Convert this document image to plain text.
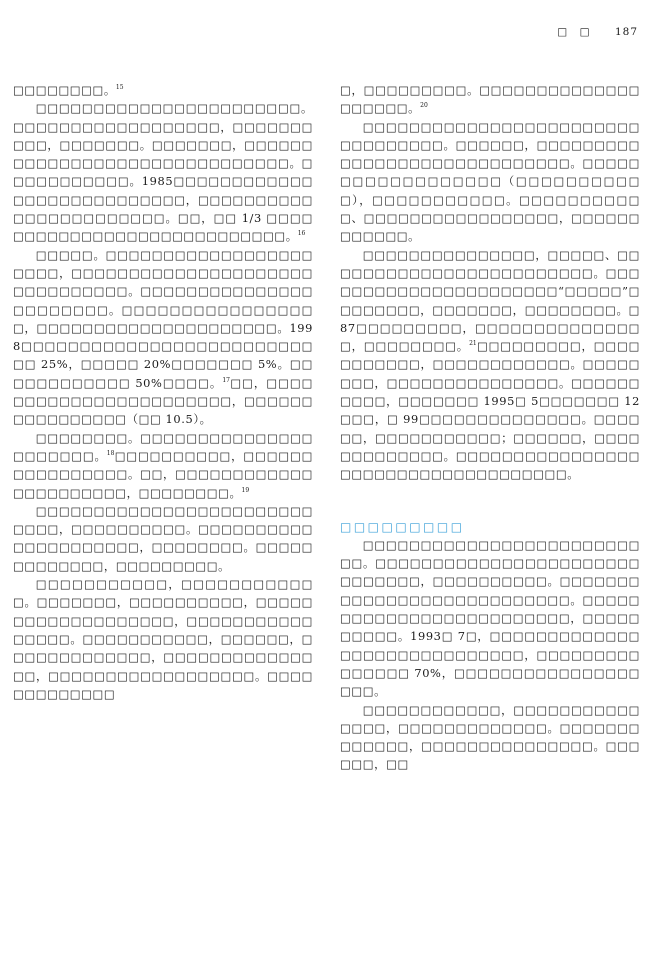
□　□ 187

□□□□□□□□。$^{15}$

□□□□□□□□□□□□□□□□□□□□□□□。□□□□□□□□□□□□□□□□□□，□□□□□□□□□□，□□□□□□□。□□□□□□□，□□□□□□□□□□□□□□□□□□□□□□□□□□□□□□。□□□□□□□□□□□。1985□□□□□□□□□□□□□□□□□□□□□□□□□□□，□□□□□□□□□□□□□□□□□□□□□□□。□□，□□ 1/3 □□□□□□□□□□□□□□□□□□□□□□□□□□□□。$^{16}$

□□□□□。□□□□□□□□□□□□□□□□□□□□□□，□□□□□□□□□□□□□□□□□□□□□□□□□□□□□□□。□□□□□□□□□□□□□□□□□□□□□□□。□□□□□□□□□□□□□□□□□，□□□□□□□□□□□□□□□□□□□□□。1998□□□□□□□□□□□□□□□□□□□□□□□□□□□ 25%，□□□□□ 20%□□□□□□□ 5%。□□□□□□□□□□□□ 50%□□□□。$^{17}$□□，□□□□□□□□□□□□□□□□□□□□□□□，□□□□□□□□□□□□□□□□（□□ 10.5）。

□□□□□□□□。□□□□□□□□□□□□□□□□□□□□□□。$^{18}$□□□□□□□□□□，□□□□□□□□□□□□□□□□。□□，□□□□□□□□□□□□□□□□□□□□□□，□□□□□□□□。$^{19}$

□□□□□□□□□□□□□□□□□□□□□□□□□□□□，□□□□□□□□□□。□□□□□□□□□□□□□□□□□□□□□，□□□□□□□□。□□□□□□□□□□□□□，□□□□□□□□□。

□□□□□□□□□□□，□□□□□□□□□□□□。□□□□□□□，□□□□□□□□□□，□□□□□□□□□□□□□□□□□□□，□□□□□□□□□□□□□□□□。□□□□□□□□□□□，□□□□□□，□□□□□□□□□□□□□，□□□□□□□□□□□□□□□，□□□□□□□□□□□□□□□□□□。□□□□□□□□□□□□□

□，□□□□□□□□□。□□□□□□□□□□□□□□□□□□□□。$^{20}$

□□□□□□□□□□□□□□□□□□□□□□□□□□□□□□□□□。□□□□□□，□□□□□□□□□□□□□□□□□□□□□□□□□□□□□。□□□□□□□□□□□□□□□□□□（□□□□□□□□□□□），□□□□□□□□□□□。□□□□□□□□□□□、□□□□□□□□□□□□□□□□□，□□□□□□□□□□□□。

□□□□□□□□□□□□□□□，□□□□□、□□□□□□□□□□□□□□□□□□□□□□□□。□□□□□□□□□□□□□□□□□□□□□□“□□□□□”□□□□□□□□，□□□□□□□，□□□□□□□□。□ 87□□□□□□□□□，□□□□□□□□□□□□□□□，□□□□□□□□。$^{21}$□□□□□□□□□，□□□□□□□□□□□，□□□□□□□□□□□□。□□□□□□□□，□□□□□□□□□□□□□□□。□□□□□□□□□□，□□□□□□□ 1995□ 5□□□□□□□ 12□□□，□ 99□□□□□□□□□□□□□□。□□□□□□，□□□□□□□□□□□；□□□□□□，□□□□□□□□□□□□□。□□□□□□□□□□□□□□□□□□□□□□□□□□□□□□□□□□□□。

□□□□□□□□□

□□□□□□□□□□□□□□□□□□□□□□□□□□。□□□□□□□□□□□□□□□□□□□□□□□□□□□□□□，□□□□□□□□□□。□□□□□□□□□□□□□□□□□□□□□□□□□□□。□□□□□□□□□□□□□□□□□□□□□□□□□，□□□□□□□□□□。1993□ 7□，□□□□□□□□□□□□□□□□□□□□□□□□□□□□□，□□□□□□□□□□□□□□□ 70%，□□□□□□□□□□□□□□□□□□□。

□□□□□□□□□□□□，□□□□□□□□□□□□□□□，□□□□□□□□□□□□□。□□□□□□□□□□□□□，□□□□□□□□□□□□□□□。□□□□□□，□□
